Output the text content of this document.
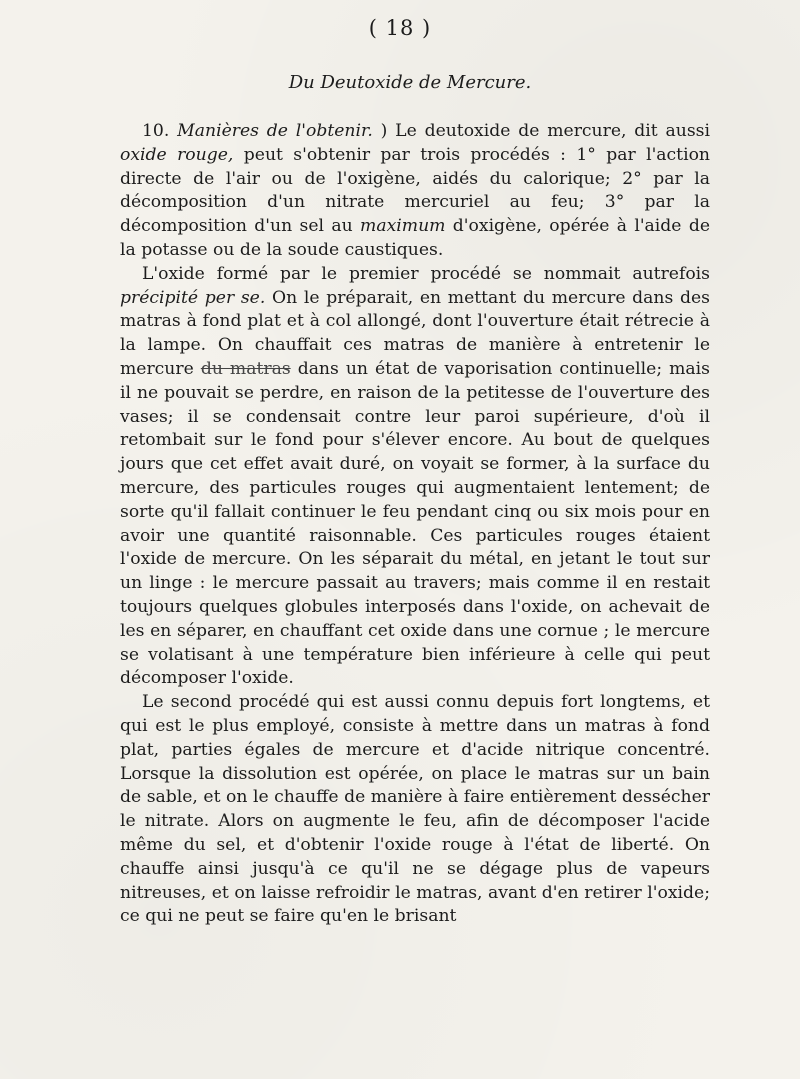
( 18 )
Du Deutoxide de Mercure.

10. Manières de l'obtenir. ) Le deutoxide de mercure, dit aussi oxide rouge, peut s'obtenir par trois procédés : 1° par l'action directe de l'air ou de l'oxigène, aidés du calorique; 2° par la décomposition d'un nitrate mercuriel au feu; 3° par la décomposition d'un sel au maximum d'oxigène, opérée à l'aide de la potasse ou de la soude caustiques.

L'oxide formé par le premier procédé se nommait autrefois précipité per se. On le préparait, en mettant du mercure dans des matras à fond plat et à col allongé, dont l'ouverture était rétrecie à la lampe. On chauffait ces matras de manière à entretenir le mercure du matras dans un état de vaporisation continuelle; mais il ne pouvait se perdre, en raison de la petitesse de l'ouverture des vases; il se condensait contre leur paroi supérieure, d'où il retombait sur le fond pour s'élever encore. Au bout de quelques jours que cet effet avait duré, on voyait se former, à la surface du mercure, des particules rouges qui augmentaient lentement; de sorte qu'il fallait continuer le feu pendant cinq ou six mois pour en avoir une quantité raisonnable. Ces particules rouges étaient l'oxide de mercure. On les séparait du métal, en jetant le tout sur un linge : le mercure passait au travers; mais comme il en restait toujours quelques globules interposés dans l'oxide, on achevait de les en séparer, en chauffant cet oxide dans une cornue ; le mercure se volatisant à une température bien inférieure à celle qui peut décomposer l'oxide.

Le second procédé qui est aussi connu depuis fort longtems, et qui est le plus employé, consiste à mettre dans un matras à fond plat, parties égales de mercure et d'acide nitrique concentré. Lorsque la dissolution est opérée, on place le matras sur un bain de sable, et on le chauffe de manière à faire entièrement dessécher le nitrate. Alors on augmente le feu, afin de décomposer l'acide même du sel, et d'obtenir l'oxide rouge à l'état de liberté. On chauffe ainsi jusqu'à ce qu'il ne se dégage plus de vapeurs nitreuses, et on laisse refroidir le matras, avant d'en retirer l'oxide; ce qui ne peut se faire qu'en le brisant
